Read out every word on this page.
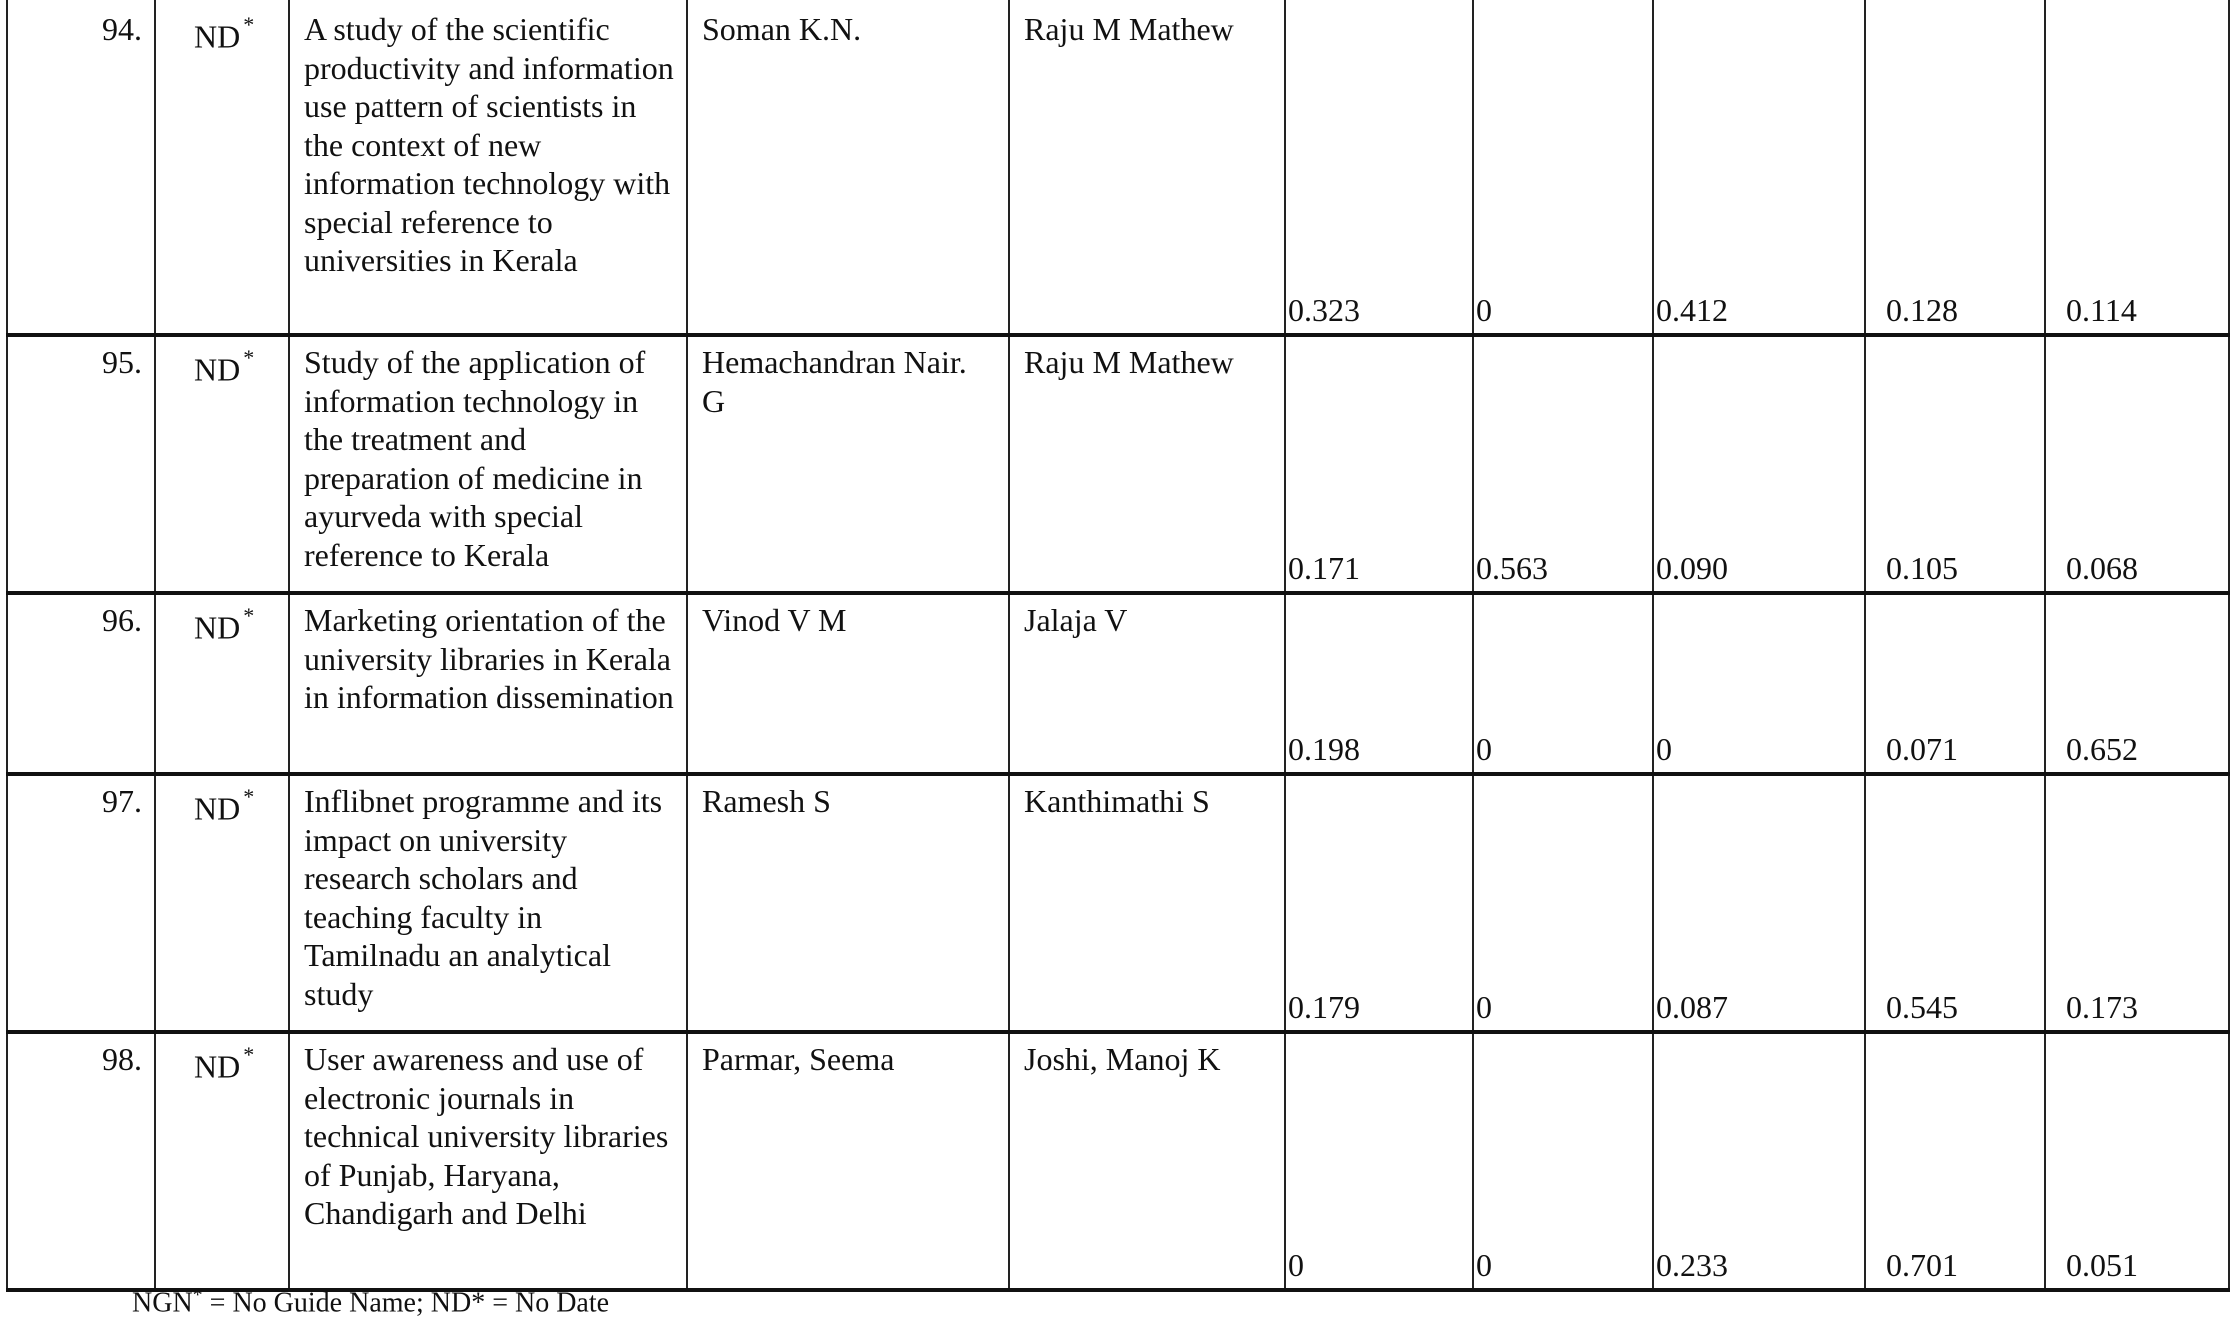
94.	ND *	A study of the scientific productivity and information use pattern of scientists in the context of new information technology with special reference to universities in Kerala	Soman K.N.	Raju M Mathew	0.323	0	0.412	0.128	0.114

95.	ND *	Study of the application of information technology in the treatment and preparation of medicine in ayurveda with special reference to Kerala	Hemachandran Nair. G	Raju M Mathew	0.171	0.563	0.090	0.105	0.068

96.	ND *	Marketing orientation of the university libraries in Kerala in information dissemination	Vinod V M	Jalaja V	0.198	0	0	0.071	0.652

97.	ND *	Inflibnet programme and its impact on university research scholars and teaching faculty in Tamilnadu an analytical study	Ramesh S	Kanthimathi S	0.179	0	0.087	0.545	0.173

98.	ND *	User awareness and use of electronic journals in technical university libraries of Punjab, Haryana, Chandigarh and Delhi	Parmar, Seema	Joshi, Manoj K	0	0	0.233	0.701	0.051
NGN* = No Guide Name; ND* = No Date
